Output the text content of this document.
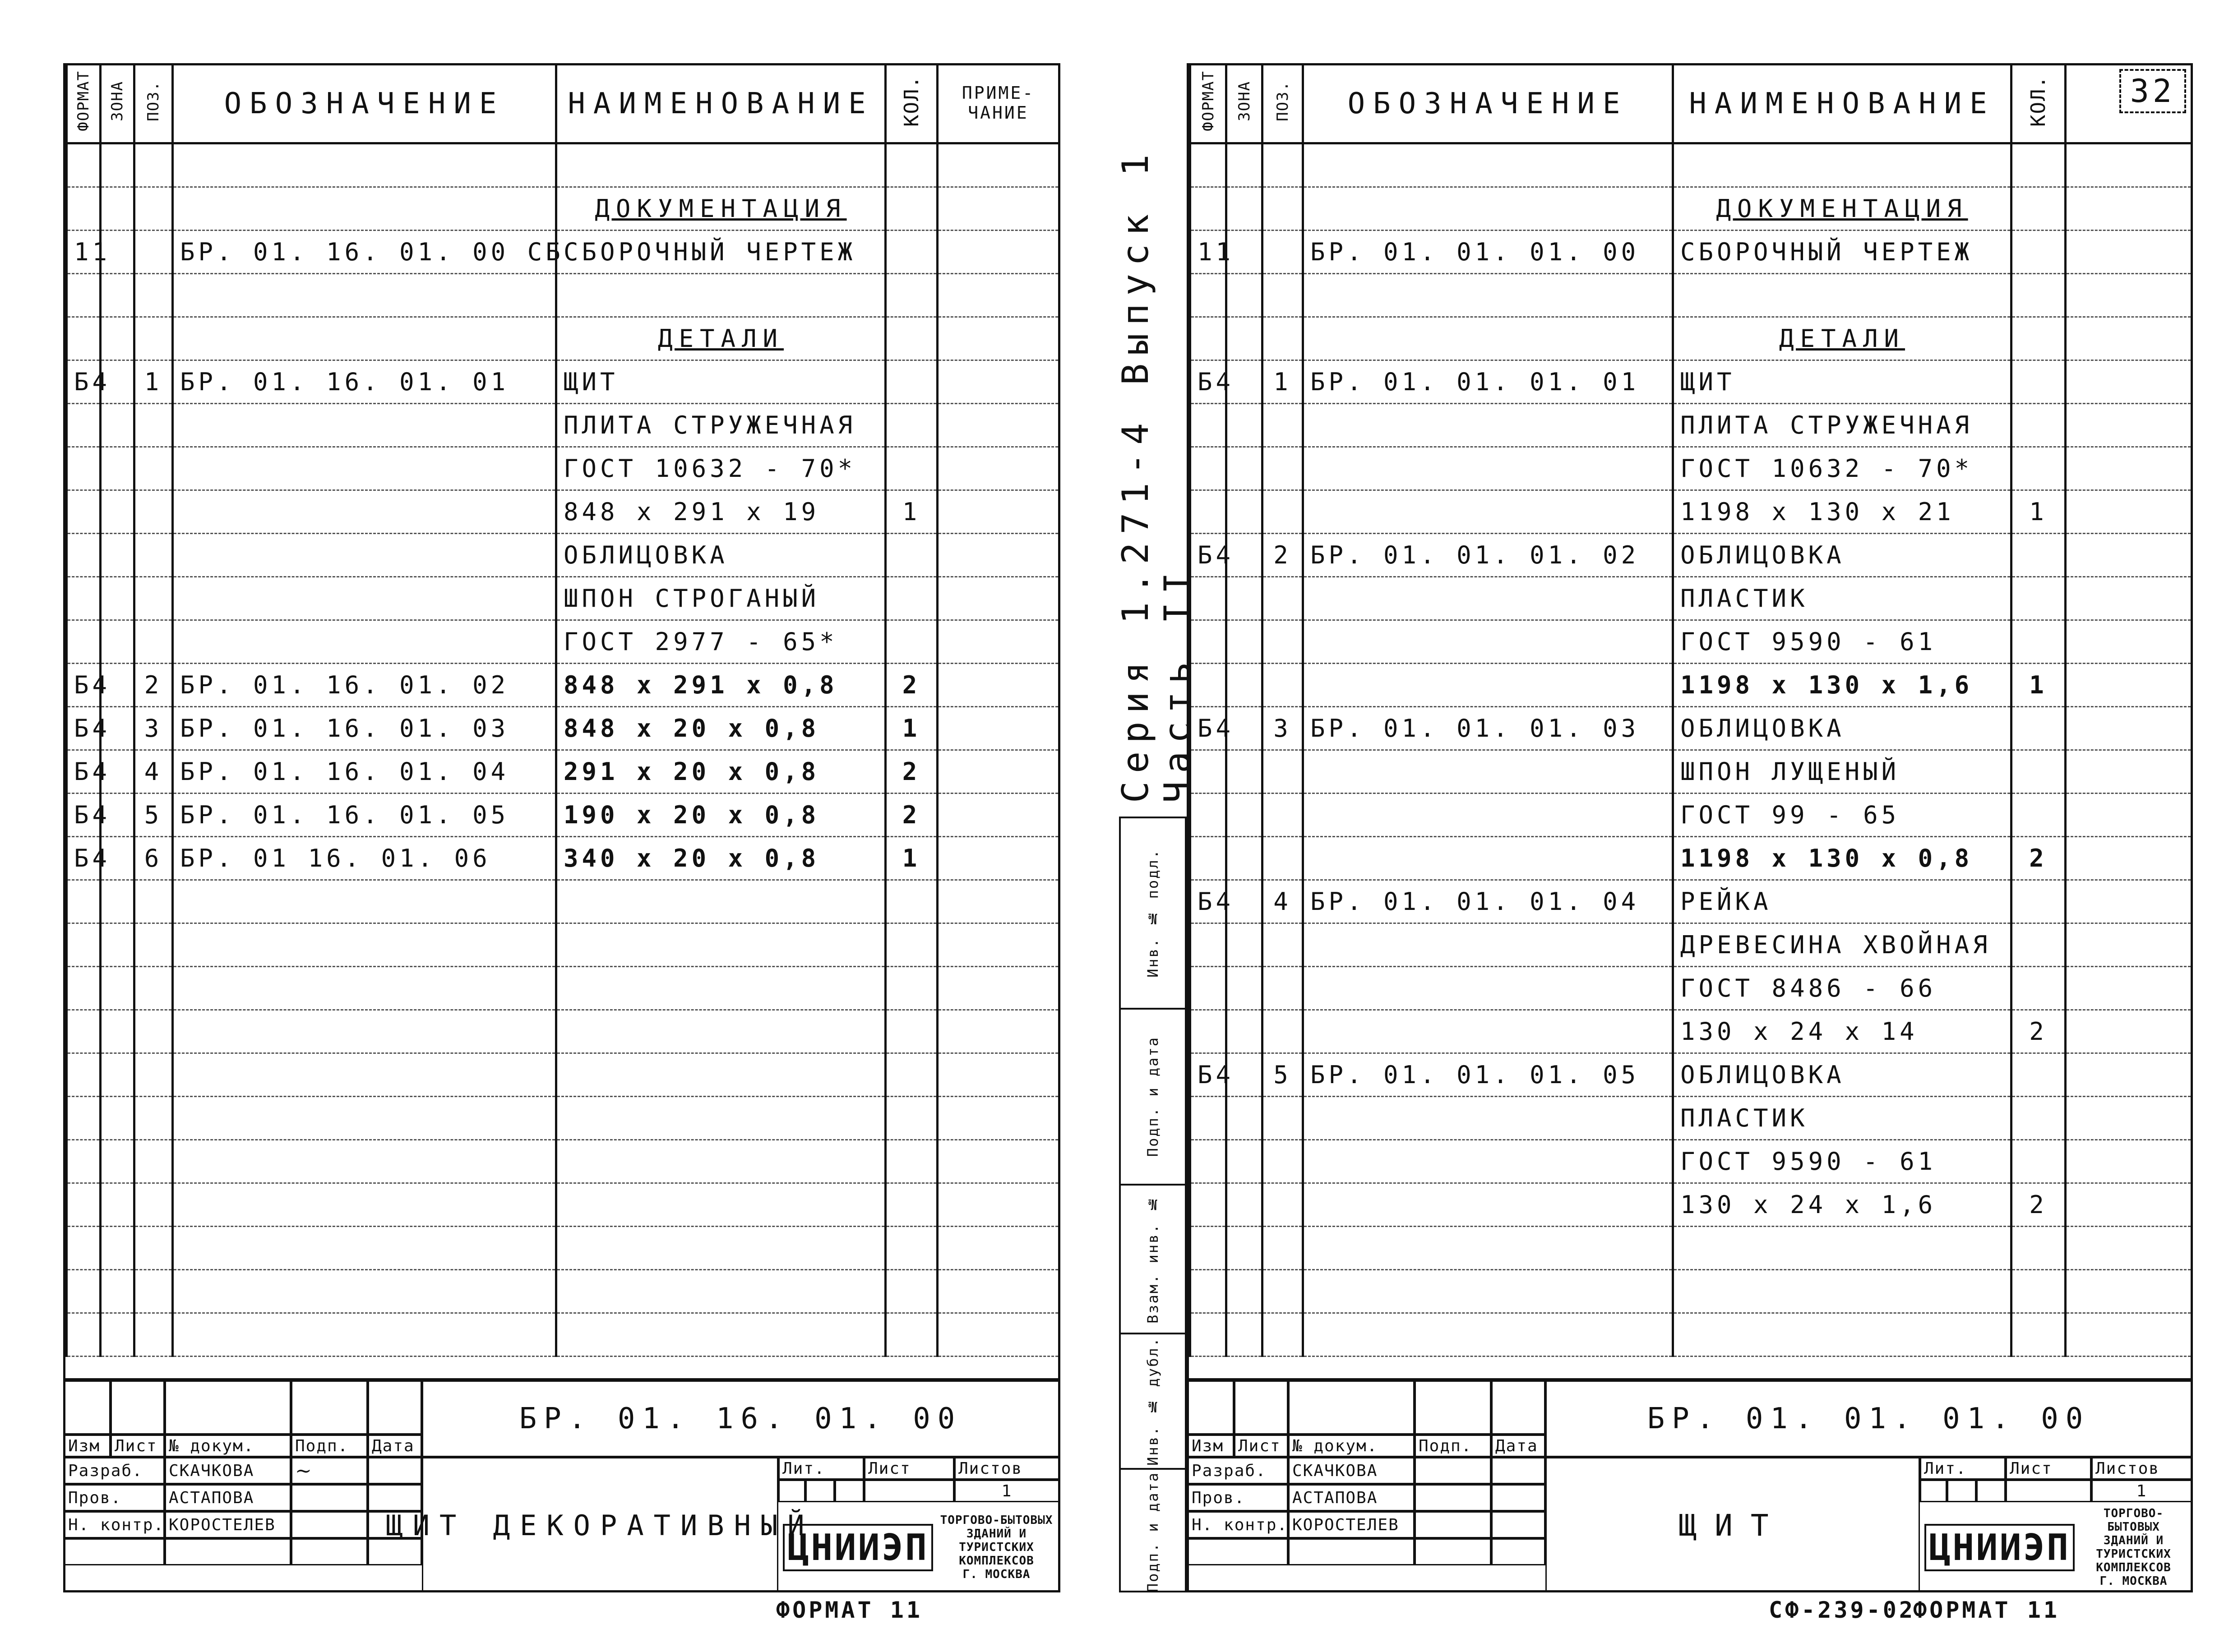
ФОРМАТ	ЗОНА	ПОЗ.	ОБОЗНАЧЕНИЕ	НАИМЕНОВАНИЕ	КОЛ.	ПРИМЕ-ЧАНИЕ

				ДОКУМЕНТАЦИЯ		
11			БР. 01. 16. 01. 00 СБ	СБОРОЧНЫЙ ЧЕРТЕЖ		

				ДЕТАЛИ		
Б4		1	БР. 01. 16. 01. 01	ЩИТ		
				ПЛИТА СТРУЖЕЧНАЯ		
				ГОСТ 10632 - 70*		
				848 х 291 х 19	1	
				ОБЛИЦОВКА		
				ШПОН СТРОГАНЫЙ		
				ГОСТ 2977 - 65*		
Б4		2	БР. 01. 16. 01. 02	848 х 291 х 0,8	2	
Б4		3	БР. 01. 16. 01. 03	848 х 20 х 0,8	1	
Б4		4	БР. 01. 16. 01. 04	291 х 20 х 0,8	2	
Б4		5	БР. 01. 16. 01. 05	190 х 20 х 0,8	2	
Б4		6	БР. 01 16. 01. 06	340 х 20 х 0,8	1	

Изм Лист № докум.	Подп.	Дата
Разраб.	СКАЧКОВА	~
Пров.	АСТАПОВА
Н. контр. КОРОСТЕЛЕВ
БР. 01. 16. 01. 00
ЩИТ ДЕКОРАТИВНЫЙ
Лит.	Лист	Листов
1
ЦНИИЭП
ТОРГОВО-БЫТОВЫХ
ЗДАНИЙ И ТУРИСТСКИХ
КОМПЛЕКСОВ
Г. МОСКВА
ФОРМАТ 11
Серия 1.271-4 Выпуск 1 Часть II
Инв. № подл.
Подп. и дата
Взам. инв. №
Инв. № дубл.
Подп. и дата
ФОРМАТ	ЗОНА	ПОЗ.	ОБОЗНАЧЕНИЕ	НАИМЕНОВАНИЕ	КОЛ.	32

				ДОКУМЕНТАЦИЯ		
11			БР. 01. 01. 01. 00	СБОРОЧНЫЙ ЧЕРТЕЖ		

				ДЕТАЛИ		
Б4		1	БР. 01. 01. 01. 01	ЩИТ		
				ПЛИТА СТРУЖЕЧНАЯ		
				ГОСТ 10632 - 70*		
				1198 х 130 х 21	1	
Б4		2	БР. 01. 01. 01. 02	ОБЛИЦОВКА		
				ПЛАСТИК		
				ГОСТ 9590 - 61		
				1198 х 130 х 1,6	1	
Б4		3	БР. 01. 01. 01. 03	ОБЛИЦОВКА		
				ШПОН ЛУЩЕНЫЙ		
				ГОСТ 99 - 65		
				1198 х 130 х 0,8	2	
Б4		4	БР. 01. 01. 01. 04	РЕЙКА		
				ДРЕВЕСИНА ХВОЙНАЯ		
				ГОСТ 8486 - 66		
				130 х 24 х 14	2	
Б4		5	БР. 01. 01. 01. 05	ОБЛИЦОВКА		
				ПЛАСТИК		
				ГОСТ 9590 - 61		
				130 х 24 х 1,6	2	

Изм Лист № докум.	Подп.	Дата
Разраб.	СКАЧКОВА
Пров.	АСТАПОВА
Н. контр. КОРОСТЕЛЕВ
БР. 01. 01. 01. 00
ЩИТ
Лит.	Лист	Листов
1
ЦНИИЭП
ТОРГОВО-БЫТОВЫХ
ЗДАНИЙ И ТУРИСТСКИХ
КОМПЛЕКСОВ
Г. МОСКВА
СФ-239-02
ФОРМАТ 11
